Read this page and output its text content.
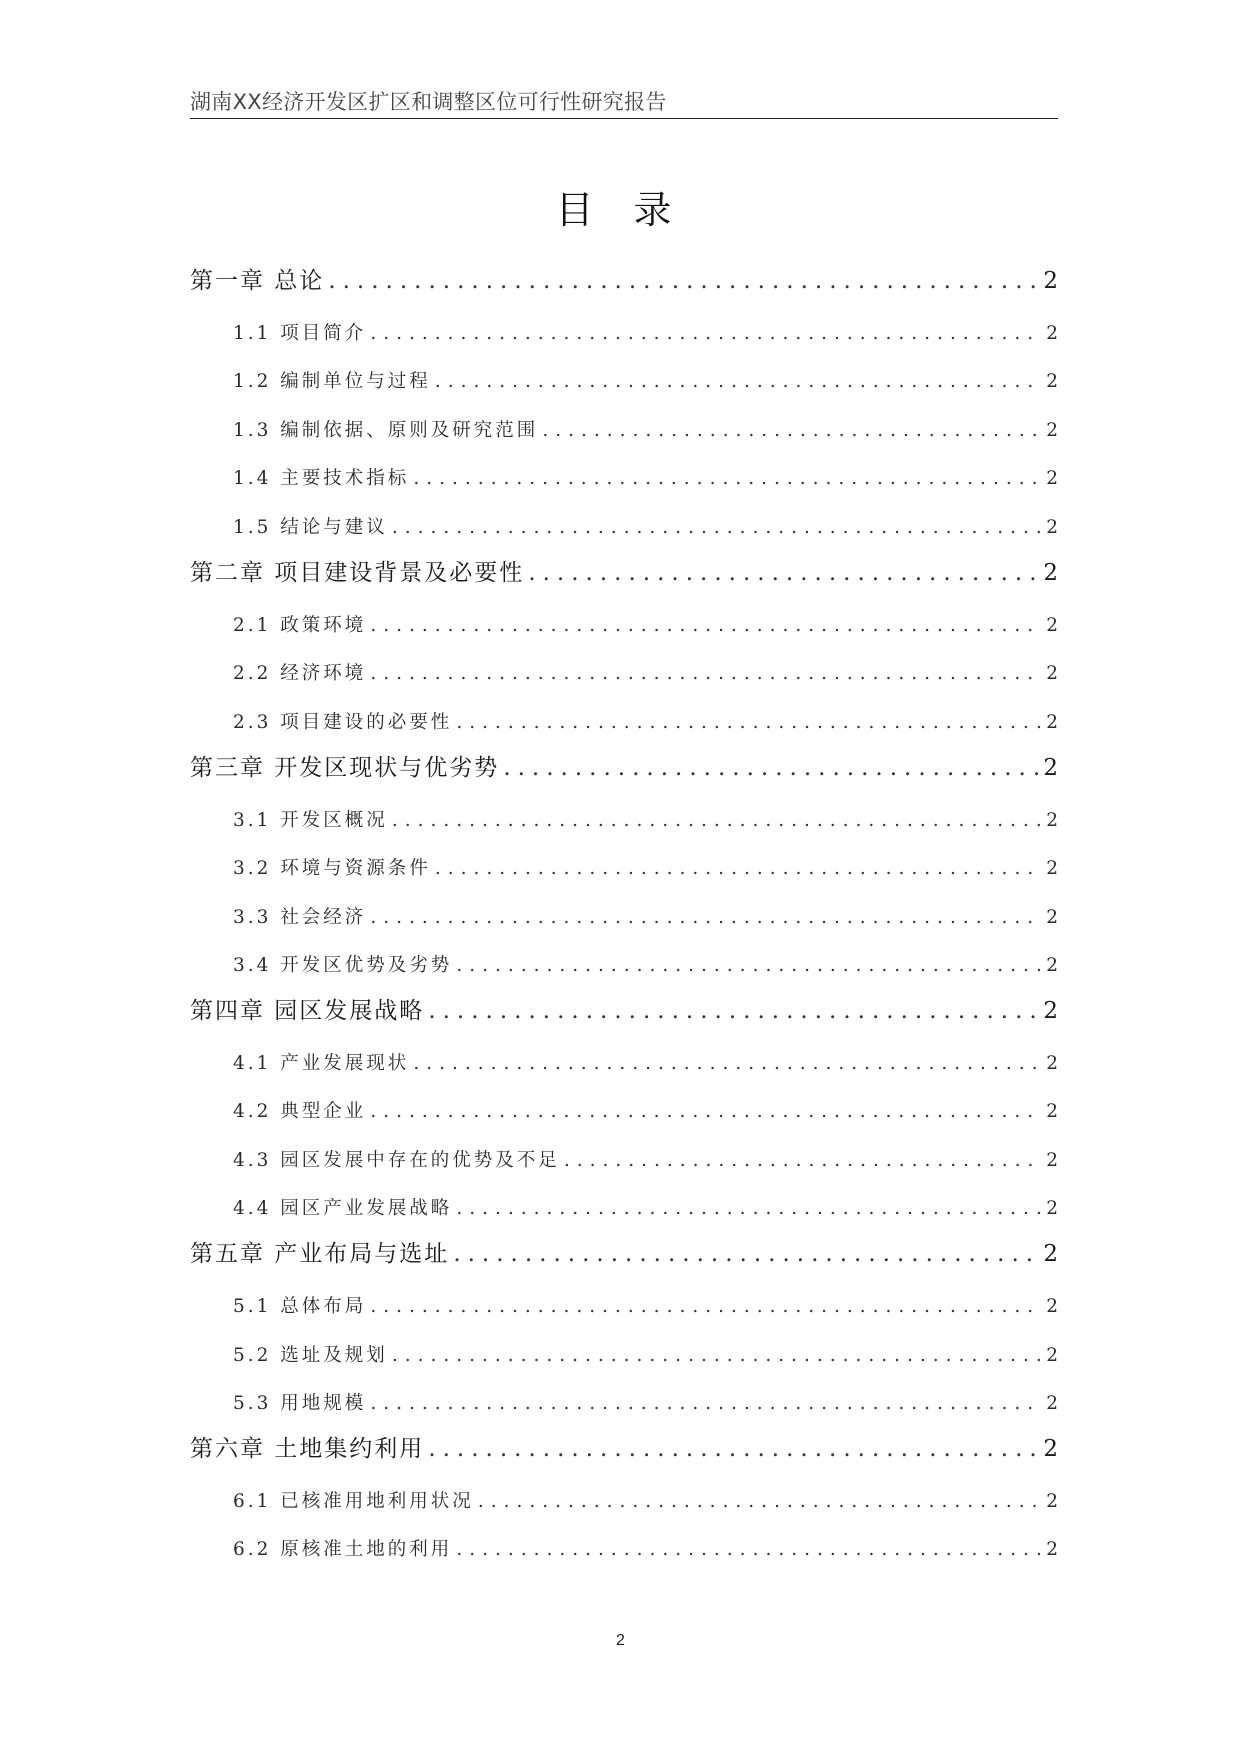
湖南XX经济开发区扩区和调整区位可行性研究报告
目 录
第一章 总论 .....	2
1.1 项目简介 .....	2
1.2 编制单位与过程 .....	2
1.3 编制依据、原则及研究范围 .....	2
1.4 主要技术指标 .....	2
1.5 结论与建议 .....	2
第二章 项目建设背景及必要性 .....	2
2.1 政策环境 .....	2
2.2 经济环境 .....	2
2.3 项目建设的必要性 .....	2
第三章 开发区现状与优劣势 .....	2
3.1 开发区概况 .....	2
3.2 环境与资源条件 .....	2
3.3 社会经济 .....	2
3.4 开发区优势及劣势 .....	2
第四章 园区发展战略 .....	2
4.1 产业发展现状 .....	2
4.2 典型企业 .....	2
4.3 园区发展中存在的优势及不足 .....	2
4.4 园区产业发展战略 .....	2
第五章 产业布局与选址 .....	2
5.1 总体布局 .....	2
5.2 选址及规划 .....	2
5.3 用地规模 .....	2
第六章 土地集约利用 .....	2
6.1 已核准用地利用状况 .....	2
6.2 原核准土地的利用 .....	2
2
